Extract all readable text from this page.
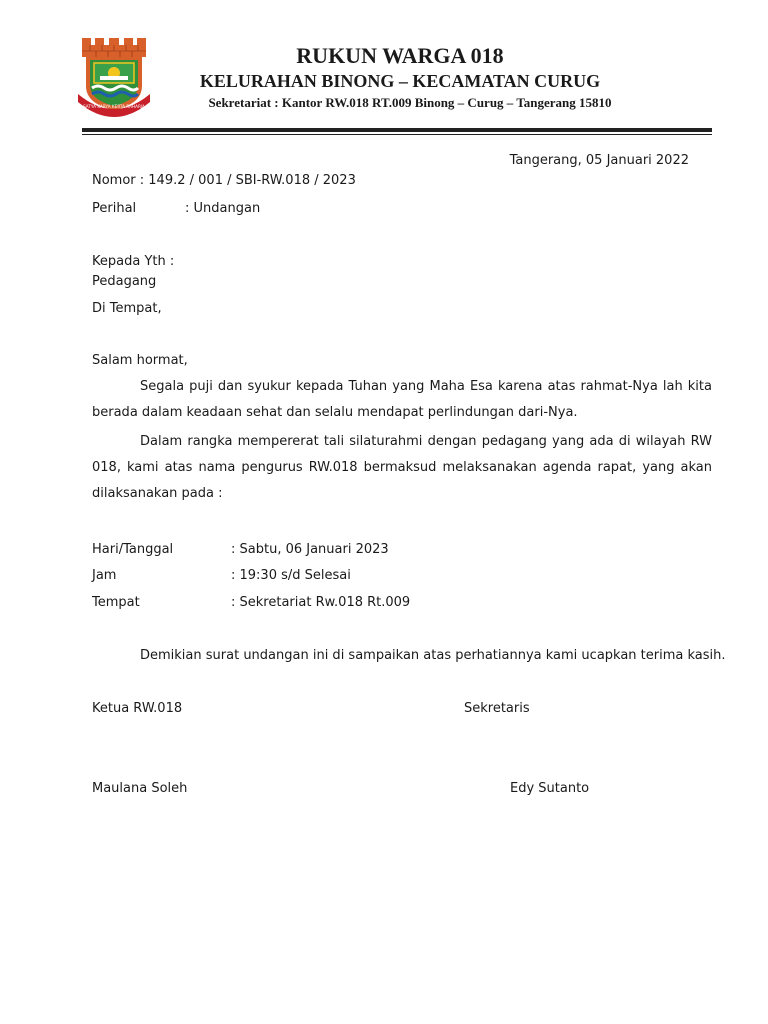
SATYA KARYA KERTA RAHARJA
RUKUN WARGA 018
KELURAHAN BINONG – KECAMATAN CURUG
Sekretariat : Kantor RW.018 RT.009 Binong – Curug – Tangerang 15810
Tangerang, 05 Januari 2022
Nomor : 149.2 / 001 / SBI-RW.018 / 2023
Perihal	: Undangan
Kepada Yth :
Pedagang
Di Tempat,
Salam hormat,
Segala puji dan syukur kepada Tuhan yang Maha Esa karena atas rahmat-Nya lah kita berada dalam keadaan sehat dan selalu mendapat perlindungan dari-Nya.
Dalam rangka mempererat tali silaturahmi dengan pedagang yang ada di wilayah RW 018, kami atas nama pengurus RW.018 bermaksud melaksanakan agenda rapat, yang akan dilaksanakan pada :
Hari/Tanggal	: Sabtu, 06 Januari 2023
Jam	: 19:30 s/d Selesai
Tempat	: Sekretariat Rw.018 Rt.009
Demikian surat undangan ini di sampaikan atas perhatiannya kami ucapkan terima kasih.
Ketua RW.018	Sekretaris
Maulana Soleh	Edy Sutanto
